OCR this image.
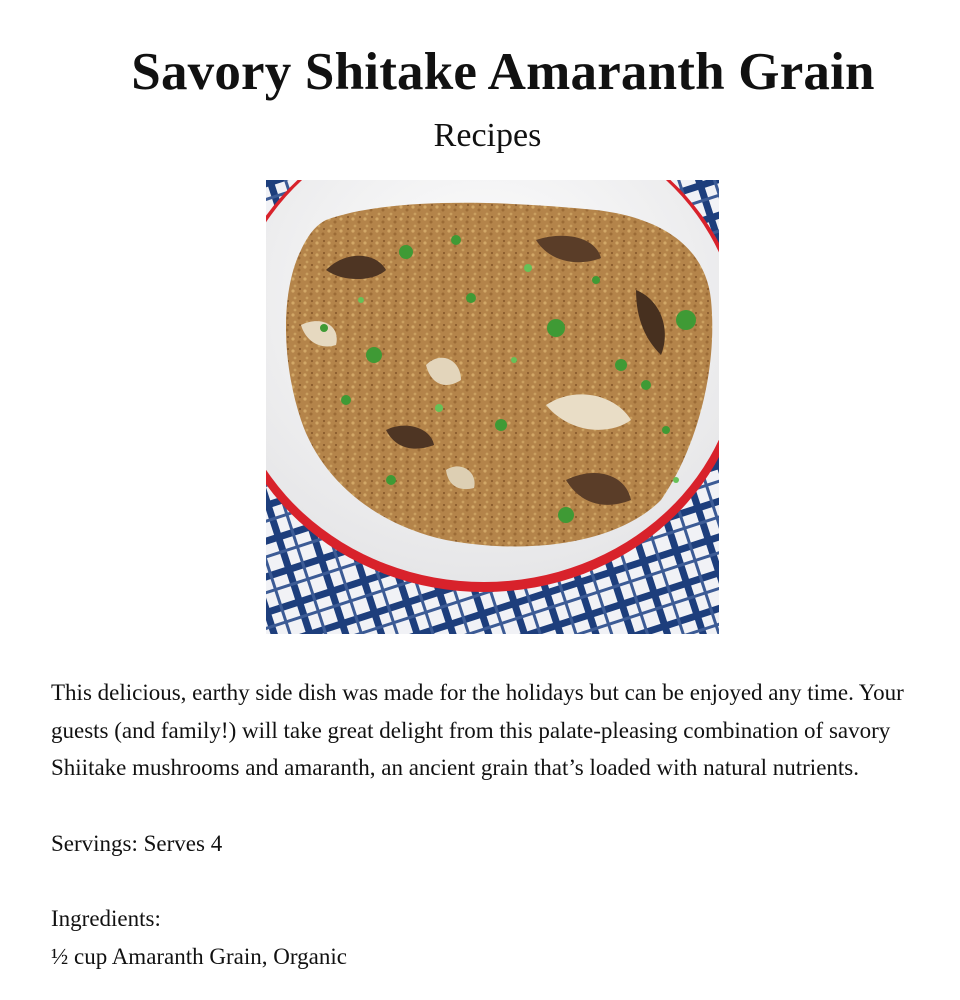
Savory Shitake Amaranth Grain
Recipes

This delicious, earthy side dish was made for the holidays but can be enjoyed any time. Your guests (and family!) will take great delight from this palate-pleasing combination of savory Shiitake mushrooms and amaranth, an ancient grain that’s loaded with natural nutrients.

Servings: Serves 4

Ingredients:

½ cup Amaranth Grain, Organic
